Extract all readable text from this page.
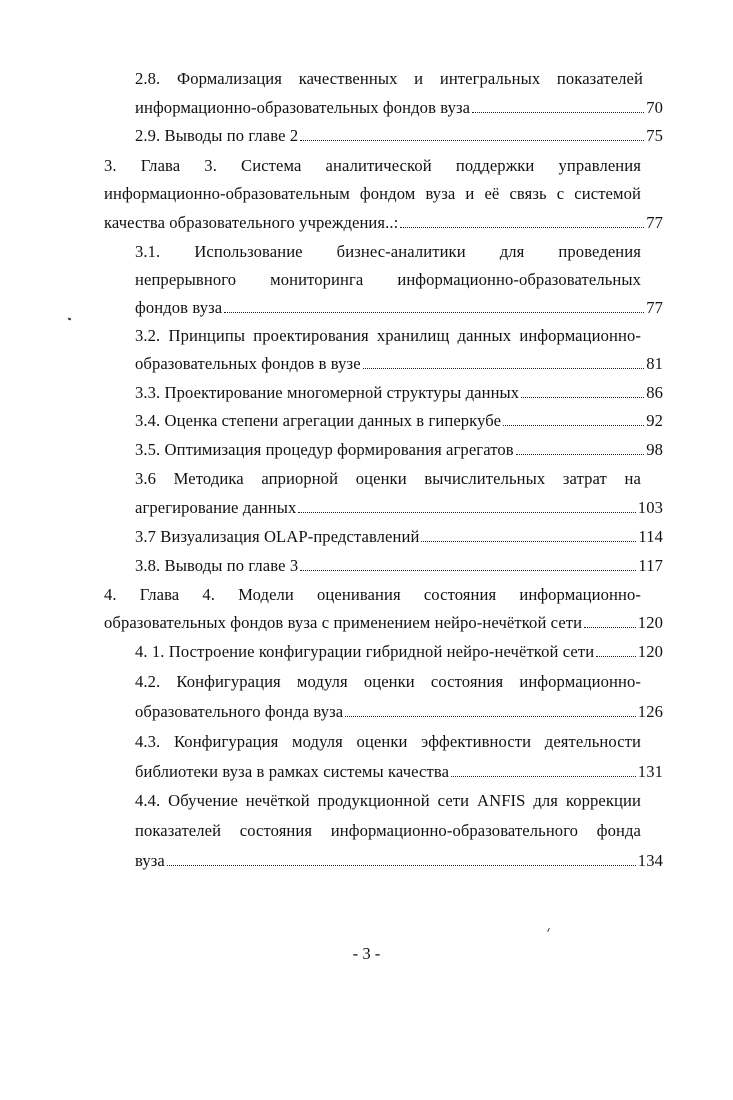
2.8. Формализация качественных и интегральных показателей
информационно-образовательных фондов вуза	70
2.9. Выводы по главе 2	75
3. Глава 3. Система аналитической поддержки управления
информационно-образовательным фондом вуза и её связь с системой
качества образовательного учреждения..:	77
3.1. Использование бизнес-аналитики для проведения
непрерывного мониторинга информационно-образовательных
фондов вуза	77
3.2. Принципы проектирования хранилищ данных информационно-
образовательных фондов в вузе	81
3.3. Проектирование многомерной структуры данных	86
3.4. Оценка степени агрегации данных в гиперкубе	92
3.5. Оптимизация процедур формирования агрегатов	98
3.6 Методика априорной оценки вычислительных затрат на
агрегирование данных	103
3.7 Визуализация OLAP-представлений	114
3.8. Выводы по главе 3	117
4. Глава 4. Модели оценивания состояния информационно-
образовательных фондов вуза с применением нейро-нечёткой сети	120
4. 1. Построение конфигурации гибридной нейро-нечёткой сети	120
4.2. Конфигурация модуля оценки состояния информационно-
образовательного фонда вуза	126
4.3. Конфигурация модуля оценки эффективности деятельности
библиотеки вуза в рамках системы качества	131
4.4. Обучение нечёткой продукционной сети ANFIS для коррекции
показателей состояния информационно-образовательного фонда
вуза	134
- 3 -
